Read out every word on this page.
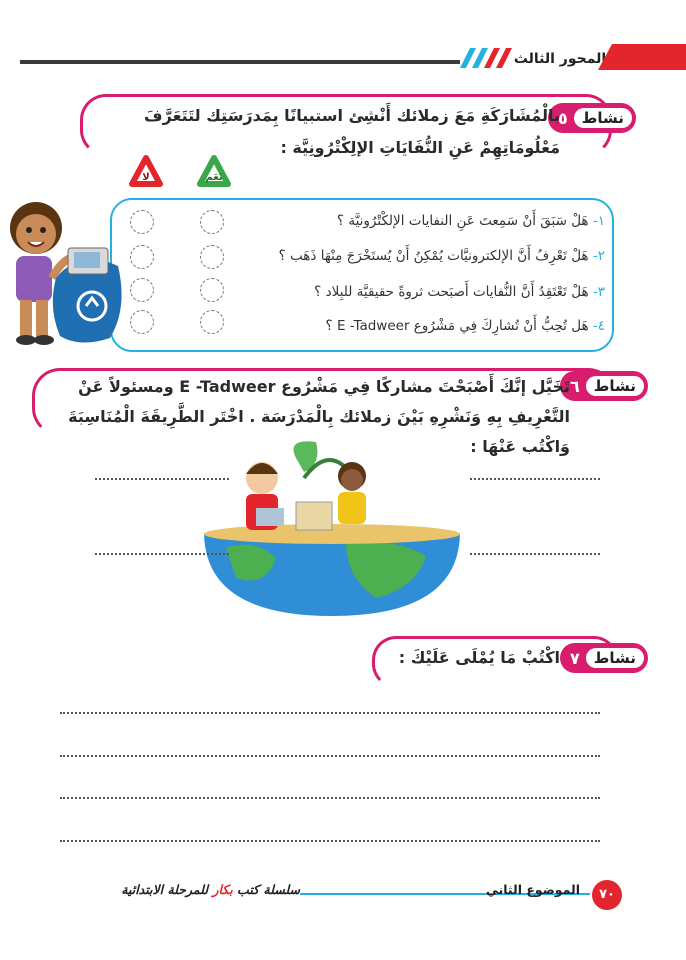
المحور الثالث
نشاط
٥
بالْمُشَارَكَةِ مَعَ زملائك أَنْشِئ استبيانًا بِمَدرَسَتِك لتَتَعَرَّفَ مَعْلُومَاتِهِمْ عَنِ النُّفَايَاتِ الإلِكْتْرُونِيَّة :
نَعَم
لا
١- هَلْ سَبَقَ أَنْ سَمِعتَ عَنِ النفايات الإلكْتْرُونيَّة ؟
٢- هَلْ تَعْرِفُ أَنَّ الإلكترونيَّات يُمْكِنُ أَنْ يُستَخْرَجَ مِنْهَا ذَهَب ؟
٣- هَلْ تَعْتَقِدُ أَنَّ النُّفايات أَصبَحت ثروةً حقيقيَّة للبِلاد ؟
٤- هَل تُحِبُّ أَنْ تُشارِكَ فِي مَشْرُوع E -Tadweer ؟
نشاط
٦
تَخَيَّل إنَّكَ أَصْبَحْتَ مشاركًا فِي مَشْرُوع E -Tadweer ومسئولاً عَنْ التَّعْرِيفِ بِهِ وَنَشْرِهِ بَيْنَ زملائك بِالْمَدْرَسَة . اخْتَر الطَّرِيقَةَ الْمُنَاسِبَةَ وَاكْتُب عَنْهَا :
نشاط
٧
اكْتُبْ مَا يُمْلَى عَلَيْكَ :
سلسلة كتب بكار للمرحلة الابتدائية	الموضوع الثاني	٧٠
